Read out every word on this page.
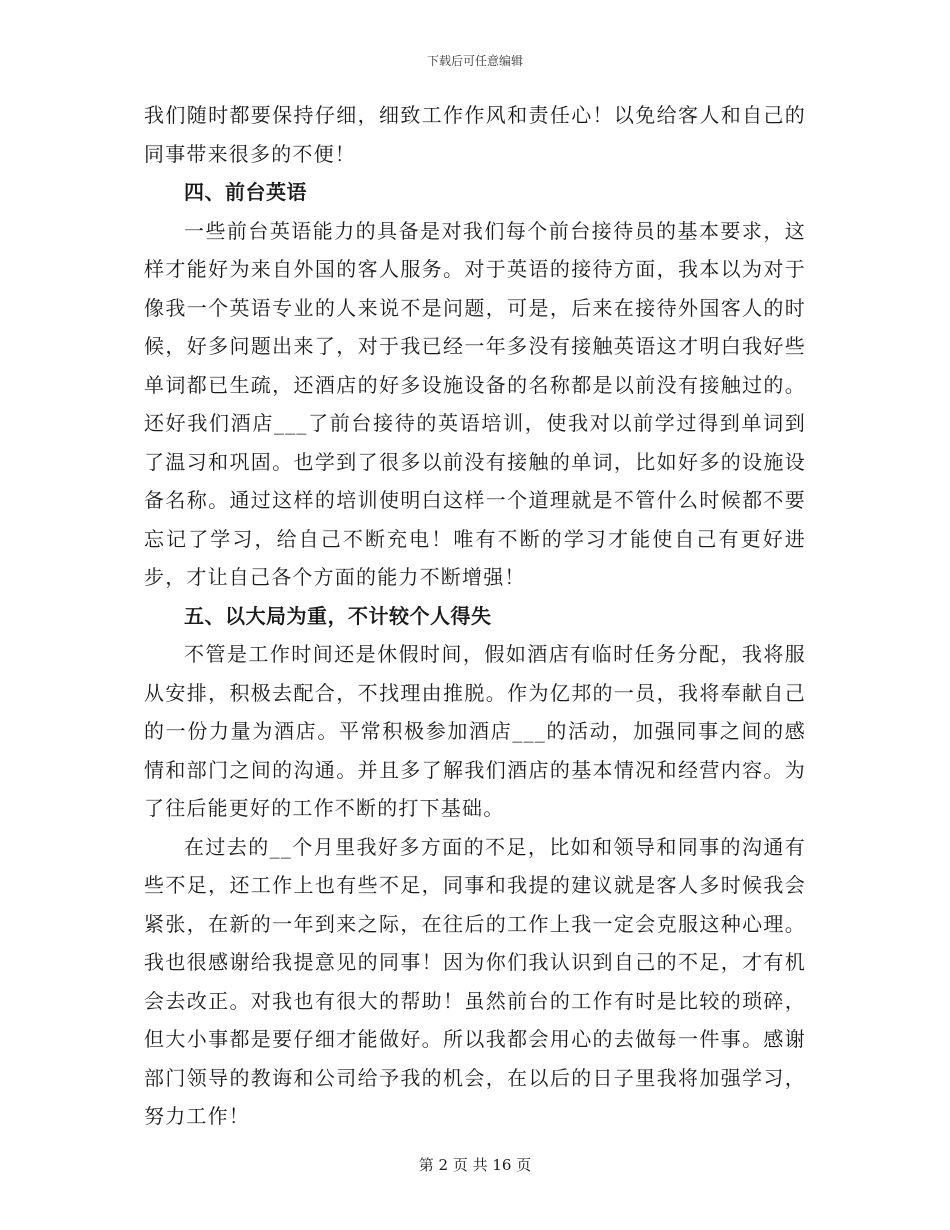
下载后可任意编辑

我们随时都要保持仔细，细致工作作风和责任心！以免给客人和自己的同事带来很多的不便！

四、前台英语

一些前台英语能力的具备是对我们每个前台接待员的基本要求，这样才能好为来自外国的客人服务。对于英语的接待方面，我本以为对于像我一个英语专业的人来说不是问题，可是，后来在接待外国客人的时候，好多问题出来了，对于我已经一年多没有接触英语这才明白我好些单词都已生疏，还酒店的好多设施设备的名称都是以前没有接触过的。还好我们酒店___了前台接待的英语培训，使我对以前学过得到单词到了温习和巩固。也学到了很多以前没有接触的单词，比如好多的设施设备名称。通过这样的培训使明白这样一个道理就是不管什么时候都不要忘记了学习，给自己不断充电！唯有不断的学习才能使自己有更好进步，才让自己各个方面的能力不断增强！

五、以大局为重，不计较个人得失

不管是工作时间还是休假时间，假如酒店有临时任务分配，我将服从安排，积极去配合，不找理由推脱。作为亿邦的一员，我将奉献自己的一份力量为酒店。平常积极参加酒店___的活动，加强同事之间的感情和部门之间的沟通。并且多了解我们酒店的基本情况和经营内容。为了往后能更好的工作不断的打下基础。

在过去的__个月里我好多方面的不足，比如和领导和同事的沟通有些不足，还工作上也有些不足，同事和我提的建议就是客人多时候我会紧张，在新的一年到来之际，在往后的工作上我一定会克服这种心理。我也很感谢给我提意见的同事！因为你们我认识到自己的不足，才有机会去改正。对我也有很大的帮助！虽然前台的工作有时是比较的琐碎，但大小事都是要仔细才能做好。所以我都会用心的去做每一件事。感谢部门领导的教诲和公司给予我的机会，在以后的日子里我将加强学习，努力工作！

第 2 页 共 16 页
